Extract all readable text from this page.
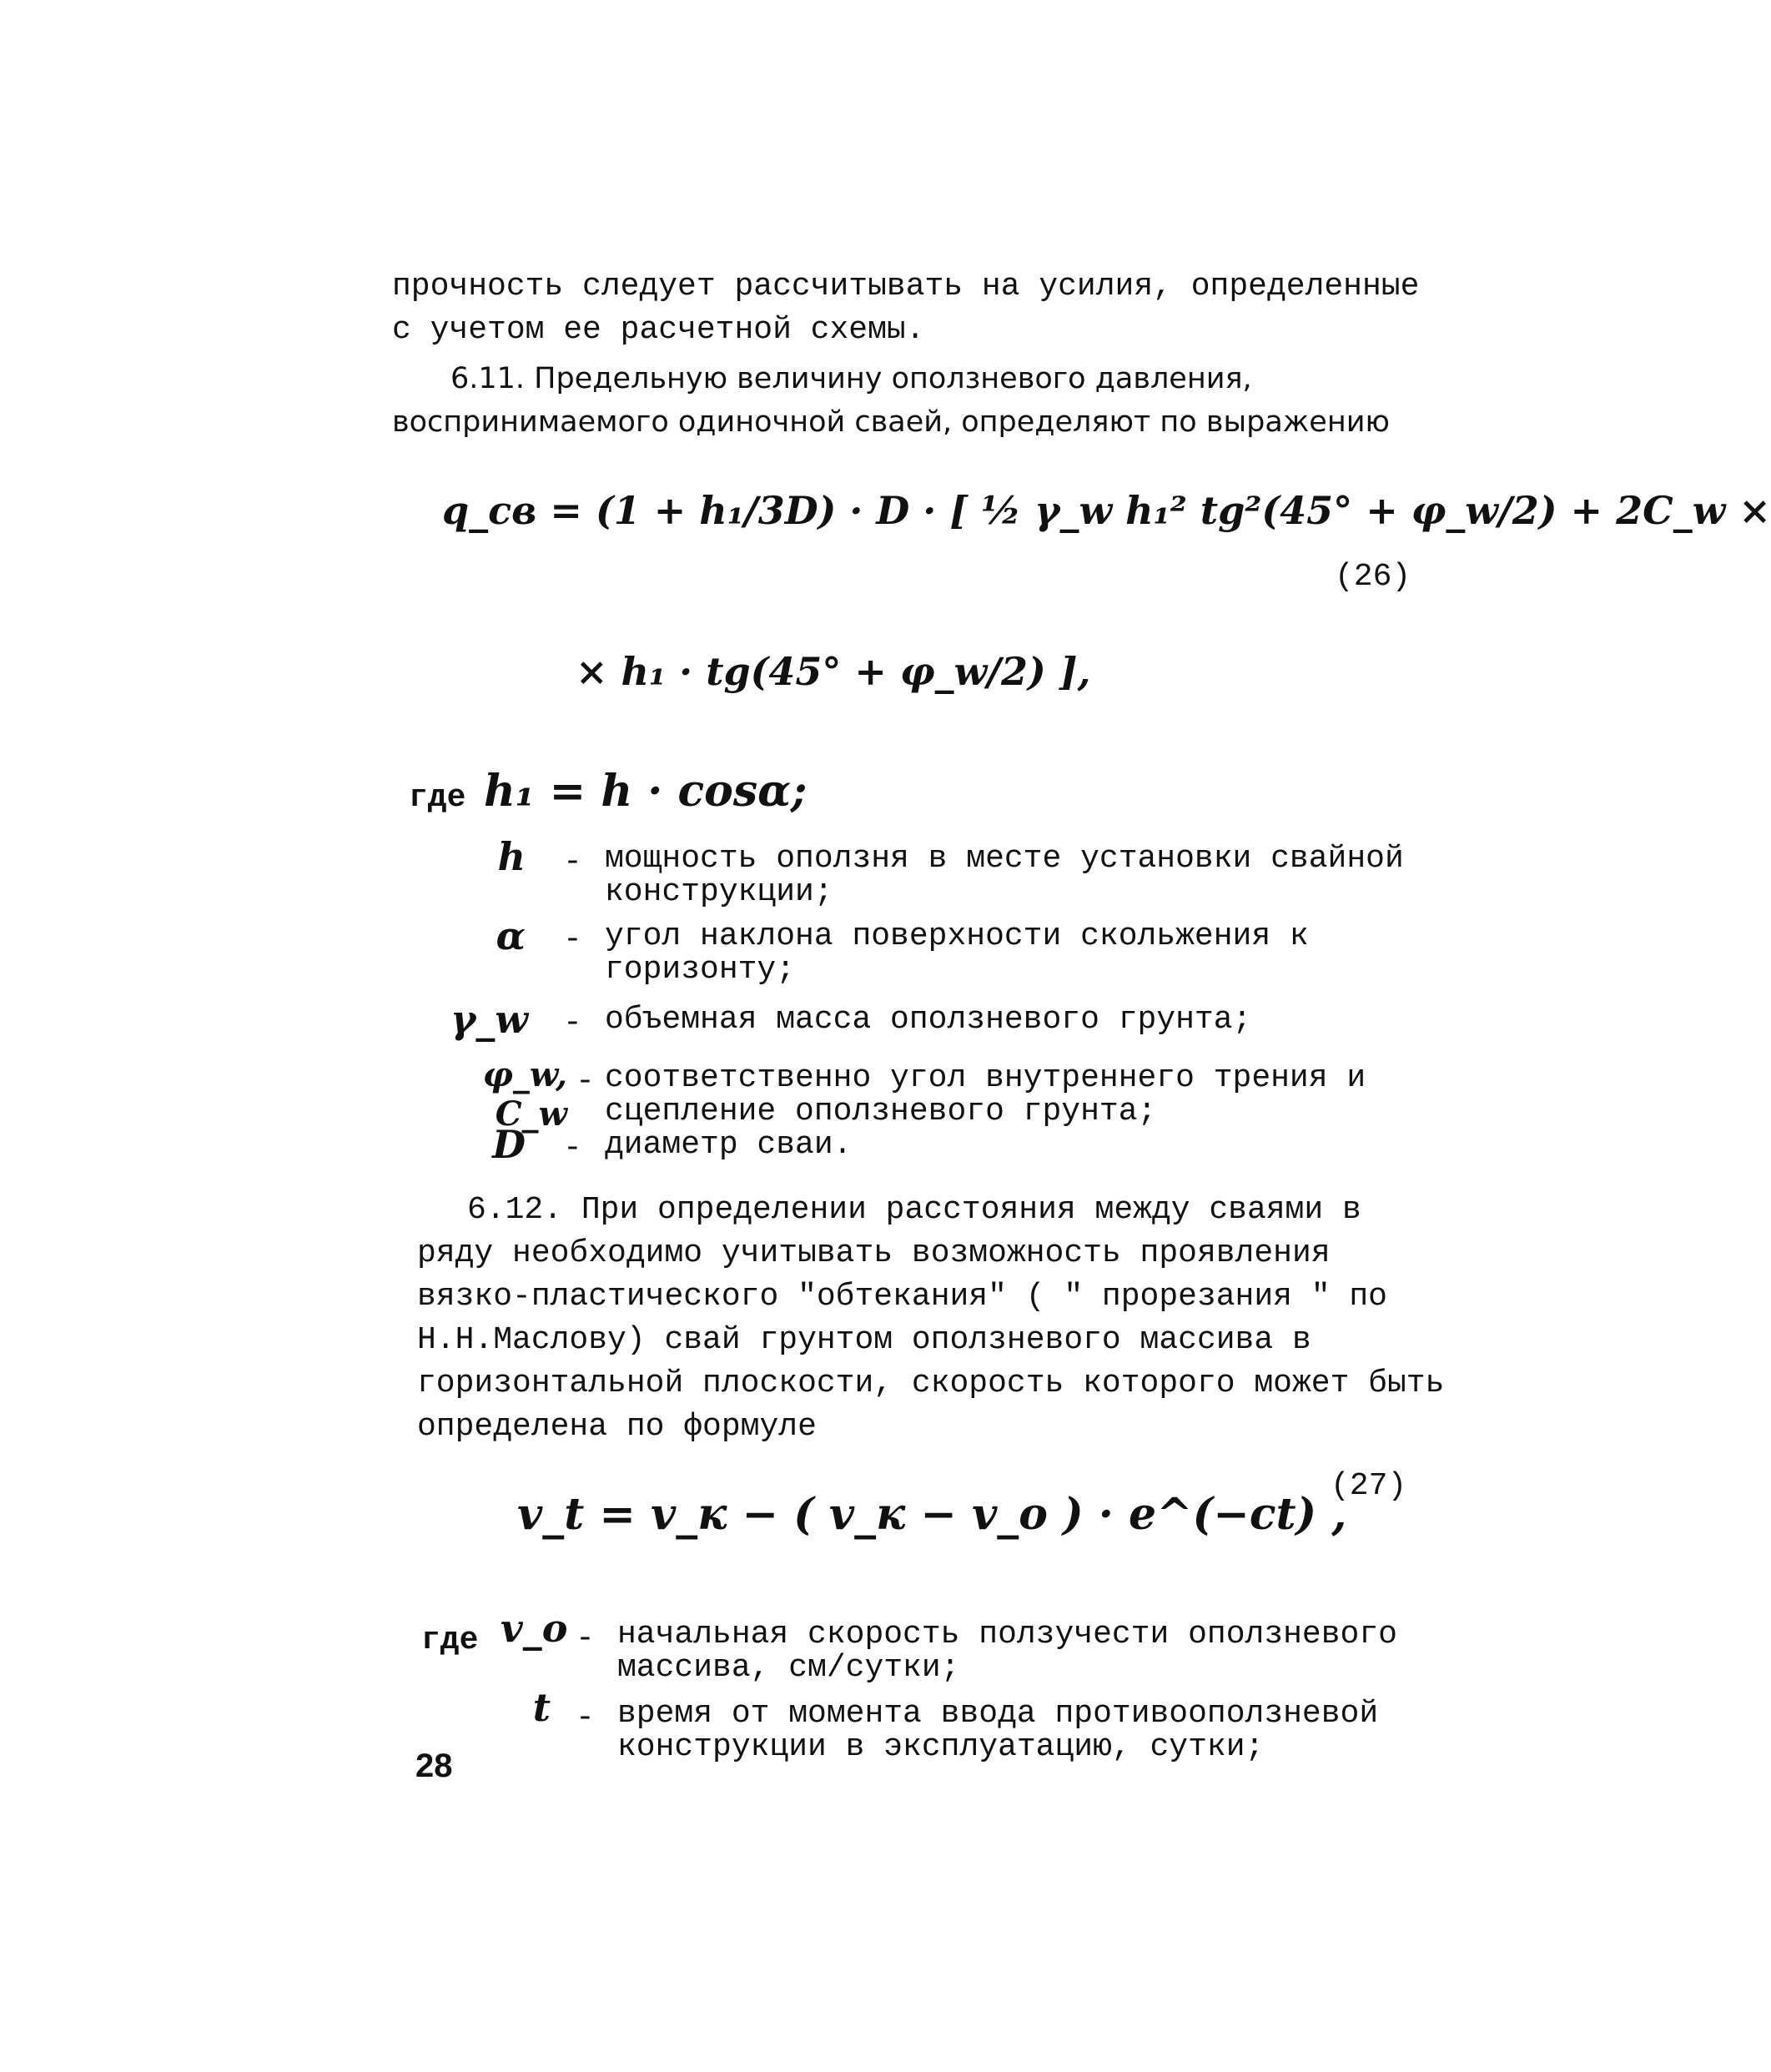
прочность следует рассчитывать на усилия, определенные с учетом ее расчетной схемы.

6.11. Предельную величину оползневого давления, воспринимаемого одиночной сваей, определяют по выражению

q_cв = (1 + h₁/3D) · D · [ ½ γ_w h₁² tg²(45° + φ_w/2) + 2C_w ×
(26)
× h₁ · tg(45° + φ_w/2) ],
где h₁ = h · cosα;
h - мощность оползня в месте установки свайной конструкции;
α - угол наклона поверхности скольжения к горизонту;
γ_w - объемная масса оползневого грунта;
φ_w, C_w
- соответственно угол внутреннего трения и сцепление оползневого грунта;
D - диаметр сваи.

6.12. При определении расстояния между сваями в ряду необходимо учитывать возможность проявления вязко-пластического ″обтекания″ ( ″ прорезания ″ по Н.Н.Маслову) свай грунтом оползневого массива в горизонтальной плоскости, скорость которого может быть определена по формуле

v_t = v_к − ( v_к − v_o ) · e^(−ct) ,
(27)
где v_o - начальная скорость ползучести оползневого массива, см/сутки;
t - время от момента ввода противооползневой конструкции в эксплуатацию, сутки;
28
